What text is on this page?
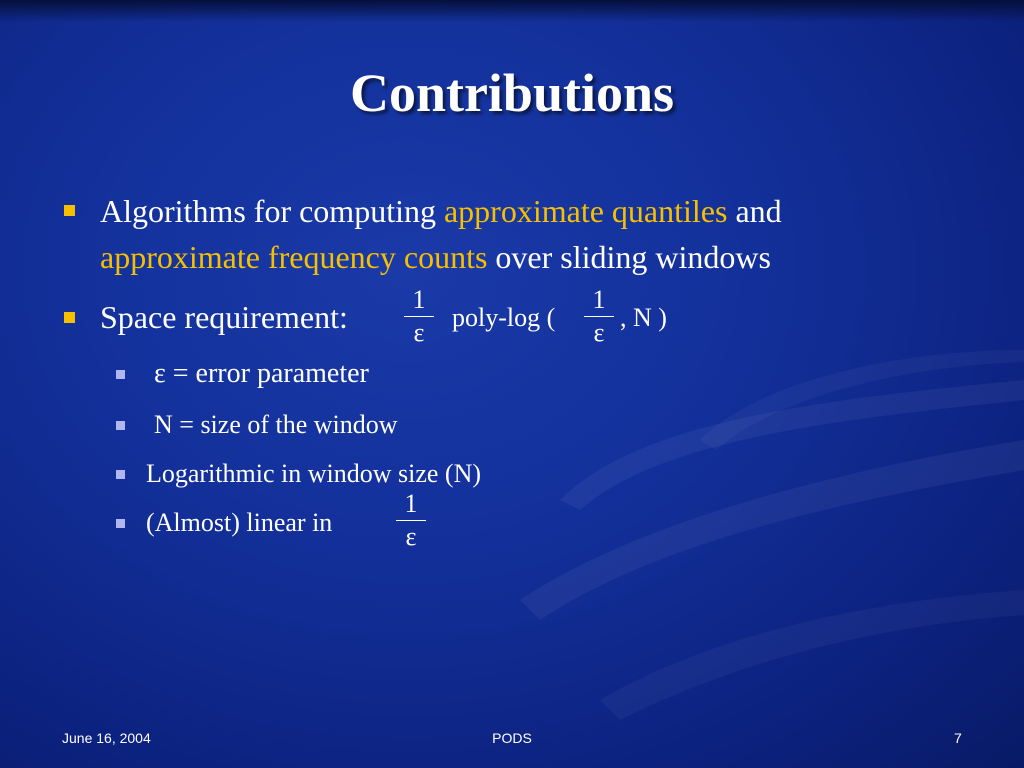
Contributions
Algorithms for computing approximate quantiles and
approximate frequency counts over sliding windows
Space requirement:	1
ε
poly-log (
1
ε
, N )
ε = error parameter
N = size of the window
Logarithmic in window size (N)
(Almost) linear in
1
ε
June 16, 2004	PODS	7
